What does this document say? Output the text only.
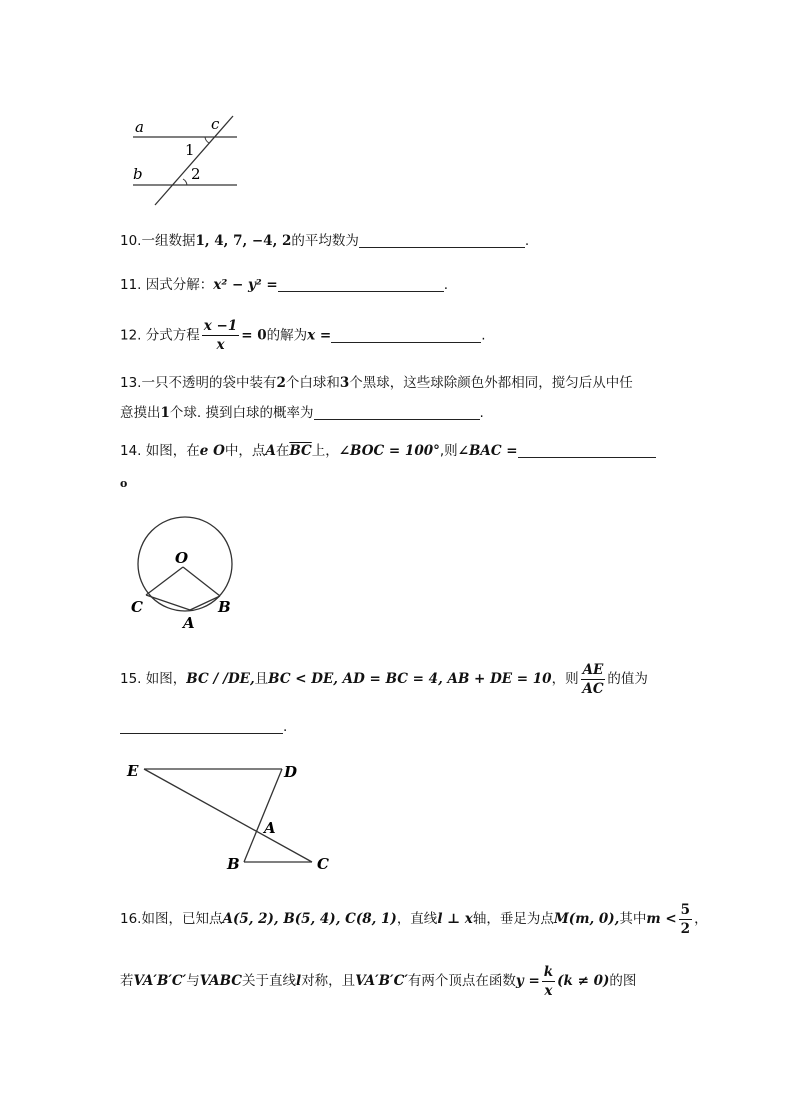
a
b
c
1
2
10.一组数据1, 4, 7, −4, 2的平均数为	.
11. 因式分解：x² − y² =	.
12. 分式方程 $\frac{x -1}{x} = 0$的解为x =	.
13.一只不透明的袋中装有2个白球和3个黑球，这些球除颜色外都相同，搅匀后从中任
意摸出1个球. 摸到白球的概率为	.
14. 如图，在e O中，点A在$\overline{BC}$上，∠BOC = 100°,则∠BAC =
o
O
C	B
A
15. 如图，BC / /DE,且BC < DE, AD = BC = 4, AB + DE = 10，则 $\frac{AE}{AC}$ 的值为
.
E	D
A
B	C
16.如图，已知点A(5, 2), B(5, 4), C(8, 1)，直线l ⊥ x轴，垂足为点M(m, 0),其中$m < \frac{5}{2}$ ，
若VA′B′C′与VABC关于直线l对称，且VA′B′C′有两个顶点在函数$y = \frac{k}{x} (k \ne 0)$的图
